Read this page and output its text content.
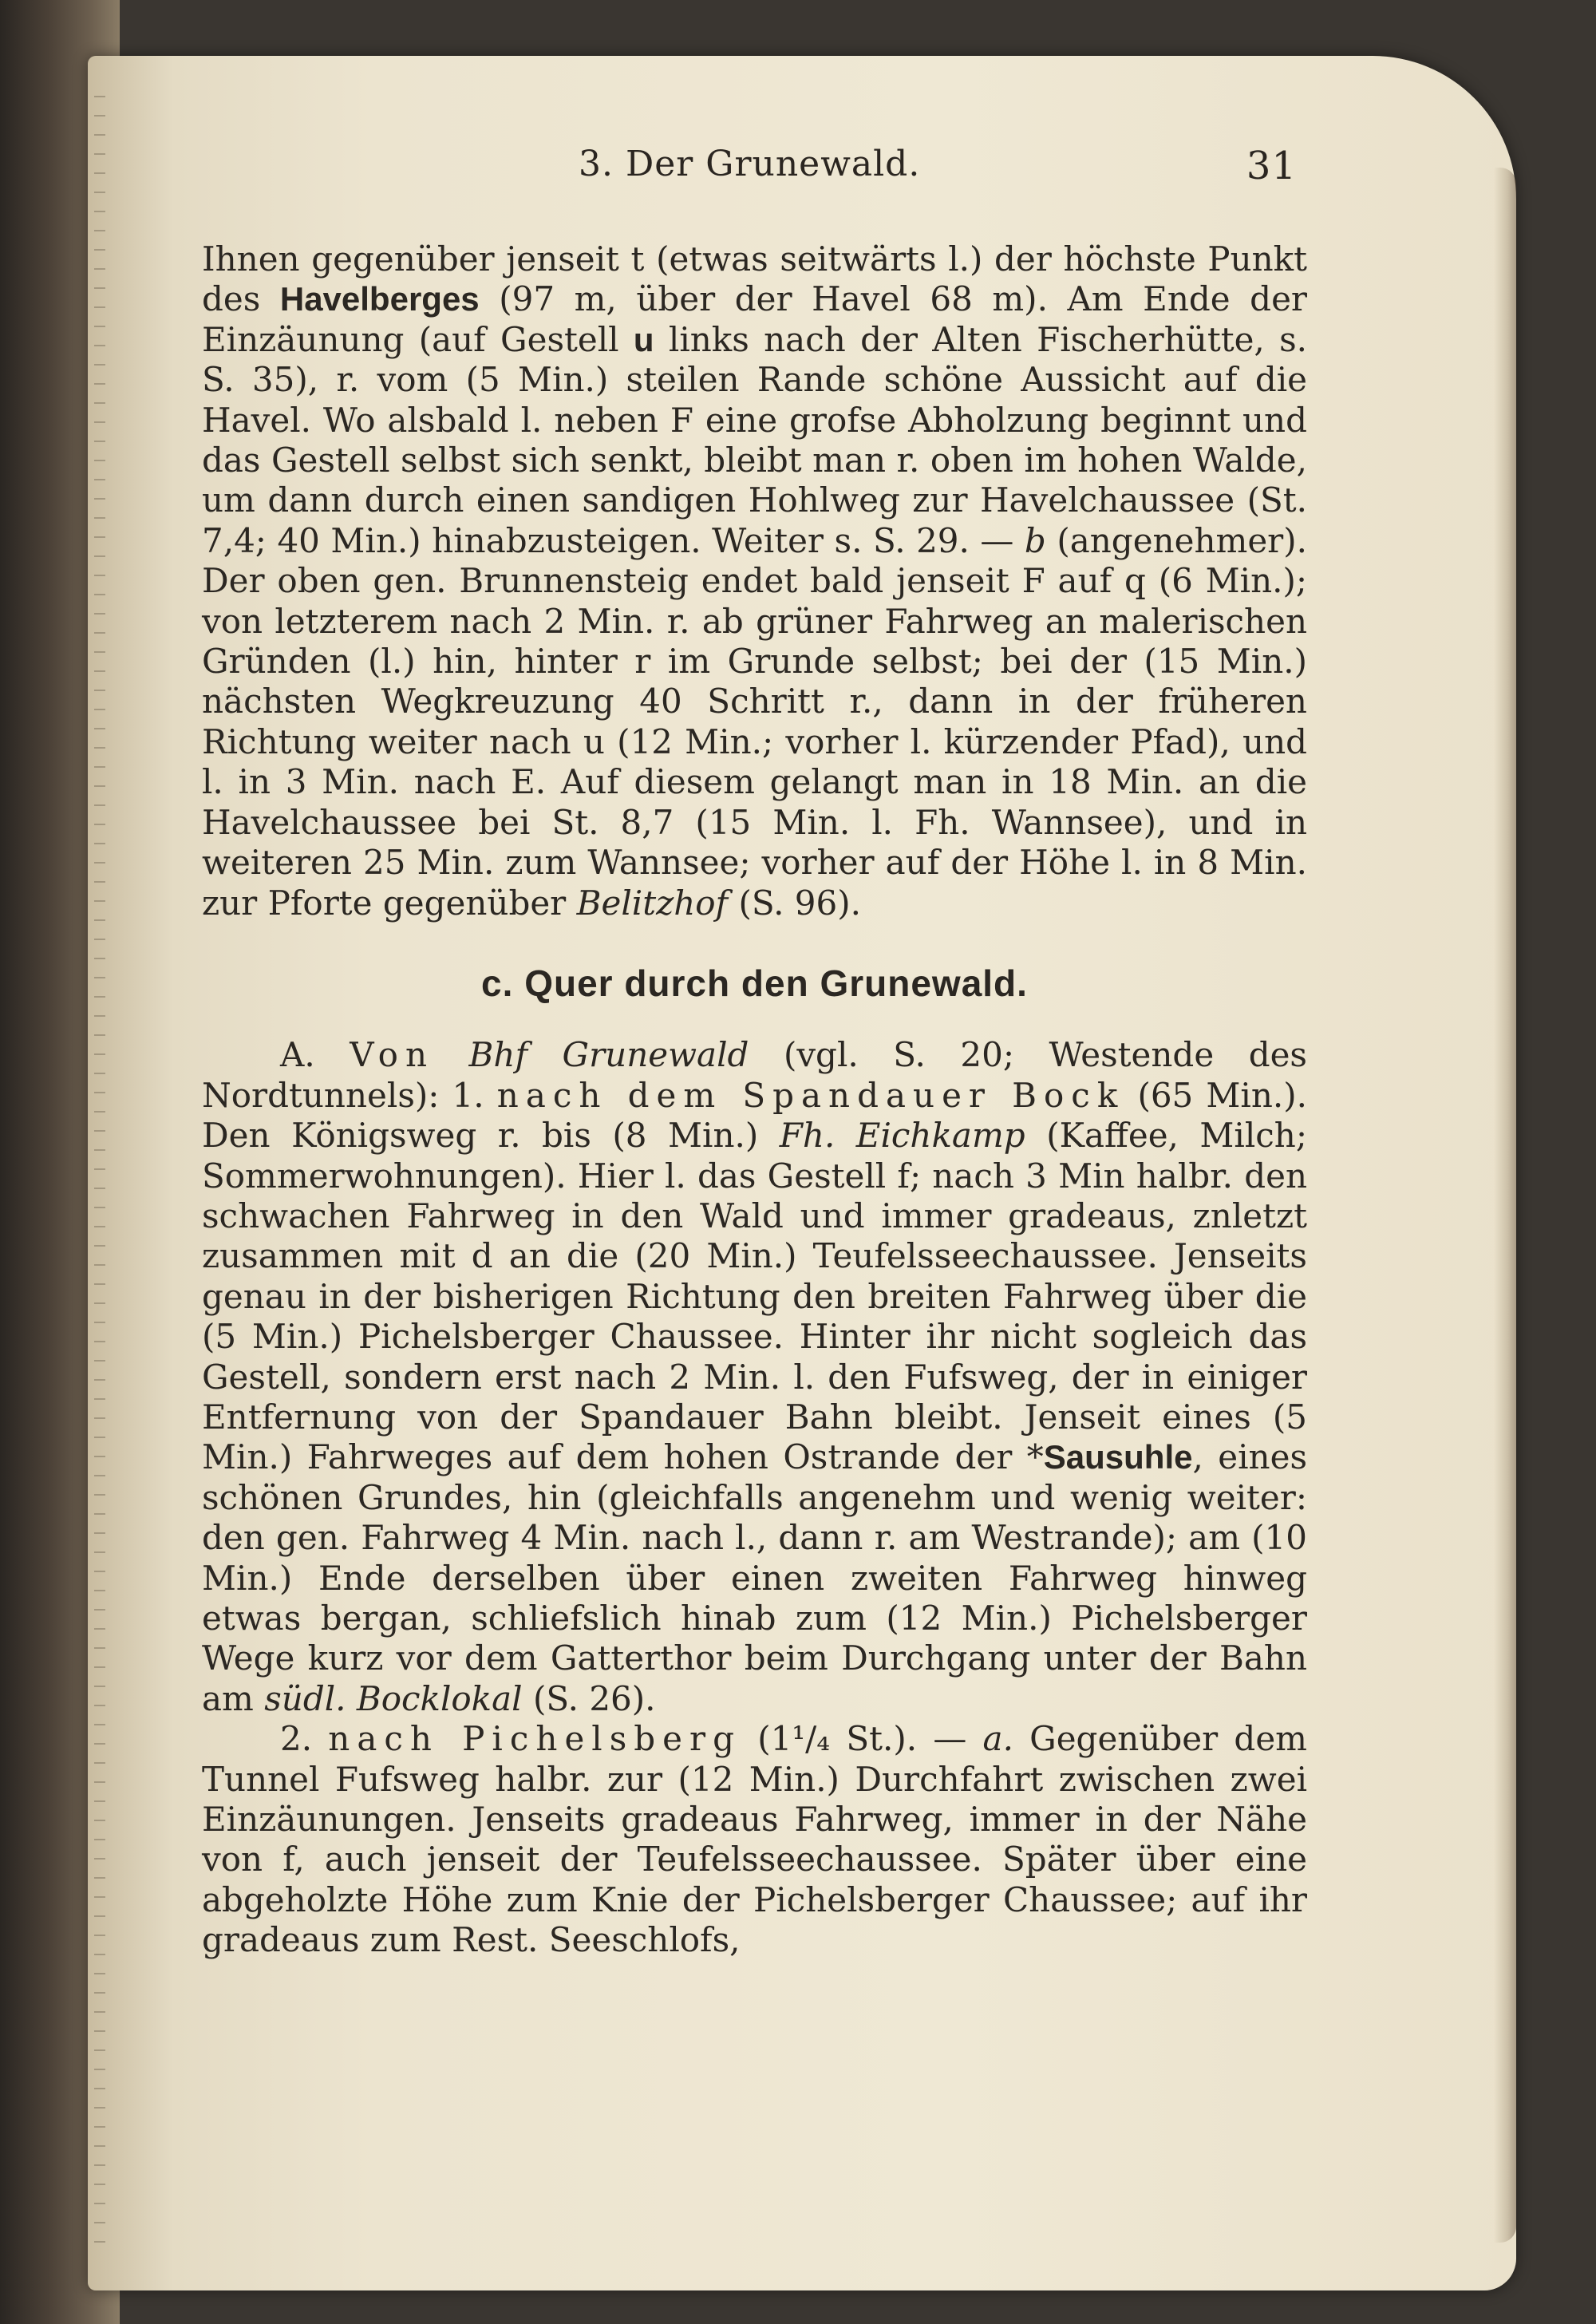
3. Der Grunewald.	31

Ihnen gegenüber jenseit t (etwas seitwärts l.) der höchste Punkt des Havelberges (97 m, über der Havel 68 m). Am Ende der Einzäunung (auf Gestell u links nach der Alten Fischerhütte, s. S. 35), r. vom (5 Min.) steilen Rande schöne Aussicht auf die Havel. Wo alsbald l. neben F eine grofse Abholzung beginnt und das Gestell selbst sich senkt, bleibt man r. oben im hohen Walde, um dann durch einen sandigen Hohlweg zur Havelchaussee (St. 7,4; 40 Min.) hinabzusteigen. Weiter s. S. 29. — b (angenehmer). Der oben gen. Brunnensteig endet bald jenseit F auf q (6 Min.); von letzterem nach 2 Min. r. ab grüner Fahrweg an malerischen Gründen (l.) hin, hinter r im Grunde selbst; bei der (15 Min.) nächsten Wegkreuzung 40 Schritt r., dann in der früheren Richtung weiter nach u (12 Min.; vorher l. kürzender Pfad), und l. in 3 Min. nach E. Auf diesem gelangt man in 18 Min. an die Havelchaussee bei St. 8,7 (15 Min. l. Fh. Wannsee), und in weiteren 25 Min. zum Wannsee; vorher auf der Höhe l. in 8 Min. zur Pforte gegenüber Belitzhof (S. 96).

c. Quer durch den Grunewald.

A. Von Bhf Grunewald (vgl. S. 20; Westende des Nordtunnels): 1. nach dem Spandauer Bock (65 Min.). Den Königsweg r. bis (8 Min.) Fh. Eichkamp (Kaffee, Milch; Sommerwohnungen). Hier l. das Gestell f; nach 3 Min halbr. den schwachen Fahrweg in den Wald und immer gradeaus, znletzt zusammen mit d an die (20 Min.) Teufelsseechaussee. Jenseits genau in der bisherigen Richtung den breiten Fahrweg über die (5 Min.) Pichelsberger Chaussee. Hinter ihr nicht sogleich das Gestell, sondern erst nach 2 Min. l. den Fufsweg, der in einiger Entfernung von der Spandauer Bahn bleibt. Jenseit eines (5 Min.) Fahrweges auf dem hohen Ostrande der *Sausuhle, eines schönen Grundes, hin (gleichfalls angenehm und wenig weiter: den gen. Fahrweg 4 Min. nach l., dann r. am Westrande); am (10 Min.) Ende derselben über einen zweiten Fahrweg hinweg etwas bergan, schliefslich hinab zum (12 Min.) Pichelsberger Wege kurz vor dem Gatterthor beim Durchgang unter der Bahn am südl. Bocklokal (S. 26).

2. nach Pichelsberg (1¹/₄ St.). — a. Gegenüber dem Tunnel Fufsweg halbr. zur (12 Min.) Durchfahrt zwischen zwei Einzäunungen. Jenseits gradeaus Fahrweg, immer in der Nähe von f, auch jenseit der Teufelsseechaussee. Später über eine abgeholzte Höhe zum Knie der Pichelsberger Chaussee; auf ihr gradeaus zum Rest. Seeschlofs,
